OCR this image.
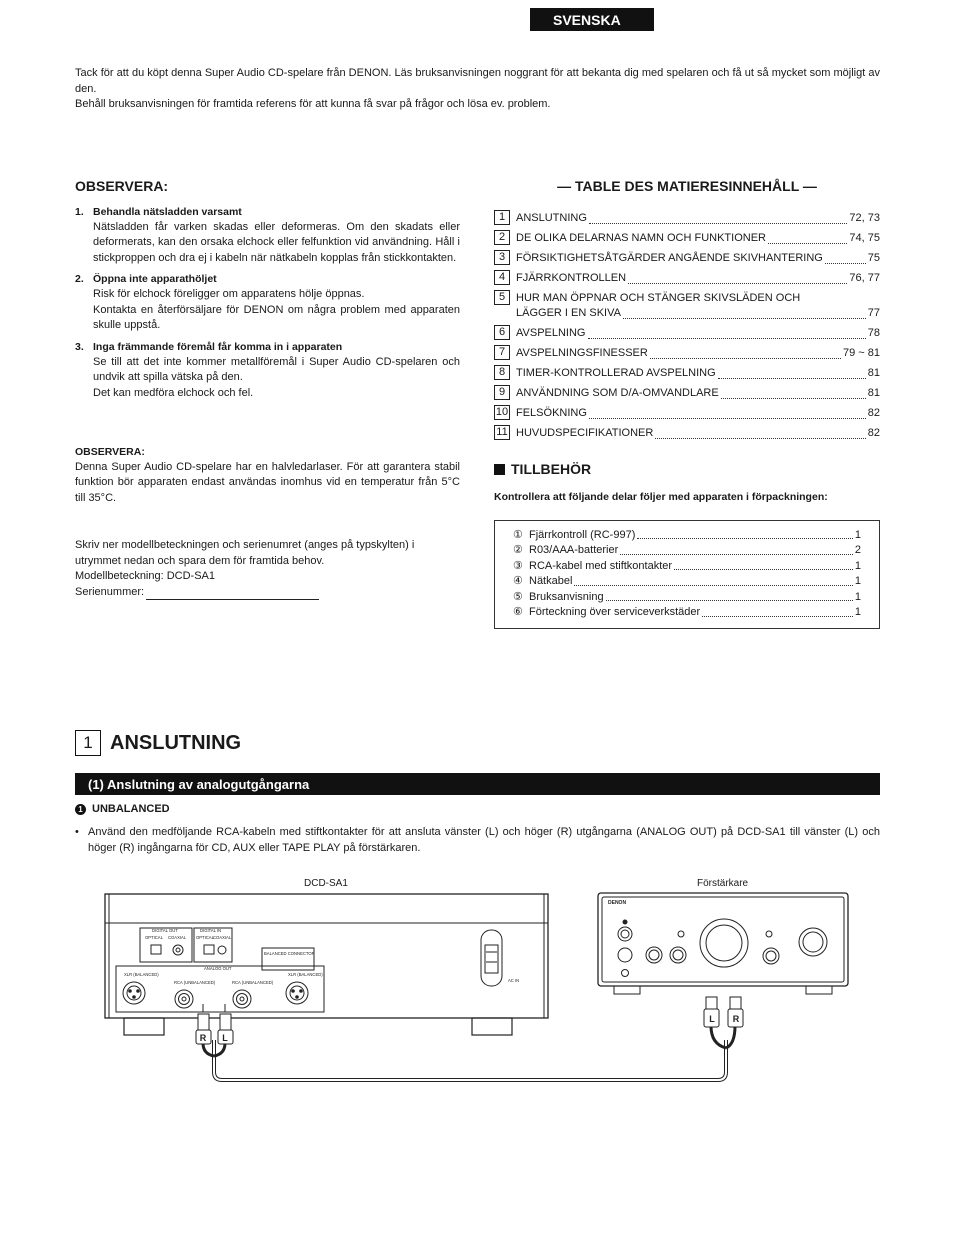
SVENSKA
Tack för att du köpt denna Super Audio CD-spelare från DENON. Läs bruksanvisningen noggrant för att bekanta dig med spelaren och få ut så mycket som möjligt av den.
Behåll bruksanvisningen för framtida referens för att kunna få svar på frågor och lösa ev. problem.
OBSERVERA:
1. Behandla nätsladden varsamt
Nätsladden får varken skadas eller deformeras. Om den skadats eller deformerats, kan den orsaka elchock eller felfunktion vid användning. Håll i stickproppen och dra ej i kabeln när nätkabeln kopplas från stickkontakten.
2. Öppna inte apparathöljet
Risk för elchock föreligger om apparatens hölje öppnas.
Kontakta en återförsäljare för DENON om några problem med apparaten skulle uppstå.
3. Inga främmande föremål får komma in i apparaten
Se till att det inte kommer metallföremål i Super Audio CD-spelaren och undvik att spilla vätska på den.
Det kan medföra elchock och fel.
OBSERVERA:
Denna Super Audio CD-spelare har en halvledarlaser. För att garantera stabil funktion bör apparaten endast användas inomhus vid en temperatur från 5°C till 35°C.
Skriv ner modellbeteckningen och serienumret (anges på typskylten) i utrymmet nedan och spara dem för framtida behov.
Modellbeteckning: DCD-SA1
Serienummer:
— TABLE DES MATIERESINNEHÅLL —
1 ANSLUTNING	72, 73
2 DE OLIKA DELARNAS NAMN OCH FUNKTIONER	74, 75
3 FÖRSIKTIGHETSÅTGÄRDER ANGÅENDE SKIVHANTERING	75
4 FJÄRRKONTROLLEN	76, 77
5 HUR MAN ÖPPNAR OCH STÄNGER SKIVSLÄDEN OCH
LÄGGER I EN SKIVA	77
6 AVSPELNING	78
7 AVSPELNINGSFINESSER	79 ~ 81
8 TIMER-KONTROLLERAD AVSPELNING	81
9 ANVÄNDNING SOM D/A-OMVANDLARE	81
10 FELSÖKNING	82
11 HUVUDSPECIFIKATIONER	82
TILLBEHÖR
Kontrollera att följande delar följer med apparaten i förpackningen:
① Fjärrkontroll (RC-997)	1
② R03/AAA-batterier	2
③ RCA-kabel med stiftkontakter	1
④ Nätkabel	1
⑤ Bruksanvisning	1
⑥ Förteckning över serviceverkstäder	1
1 ANSLUTNING
(1) Anslutning av analogutgångarna
1 UNBALANCED
• Använd den medföljande RCA-kabeln med stiftkontakter för att ansluta vänster (L) och höger (R) utgångarna (ANALOG OUT) på DCD-SA1 till vänster (L) och höger (R) ingångarna för CD, AUX eller TAPE PLAY på förstärkaren.
DCD-SA1	Förstärkare
DIGITAL OUT
OPTICAL COAXIAL
DIGITAL IN
OPTICAL COAXIAL
ANALOG OUT
BALANCED CONNECTOR
XLR (BALANCED)
RCA (UNBALANCED)	RCA (UNBALANCED)
XLR (BALANCED)
AC IN
DENON
R L
L R
